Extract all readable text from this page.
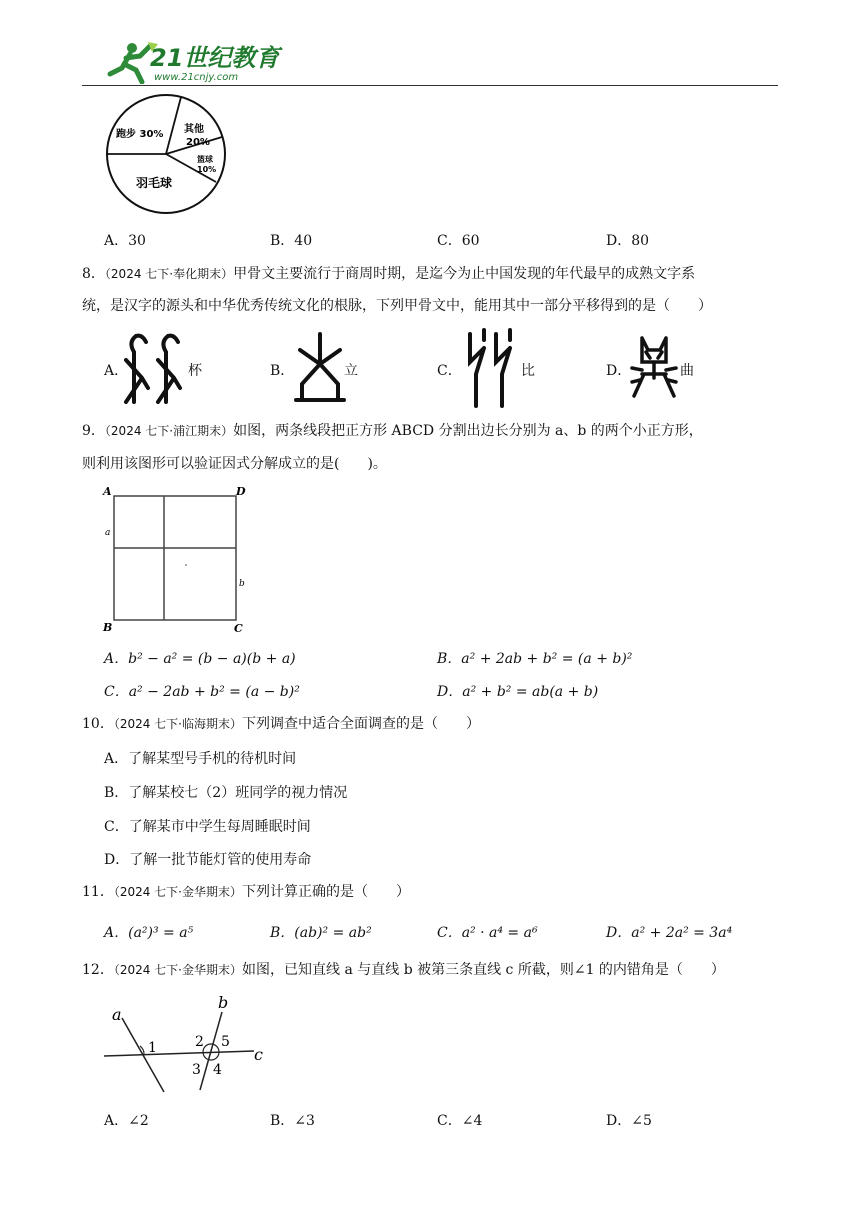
21世纪教育
www.21cnjy.com
跑步 30% 其他
20%
篮球
10%
羽毛球
A．30	B．40	C．60	D．80
8．（2024 七下·奉化期末）甲骨文主要流行于商周时期，是迄今为止中国发现的年代最早的成熟文字系
统，是汉字的源头和中华优秀传统文化的根脉，下列甲骨文中，能用其中一部分平移得到的是（　　）
A．	杯	B．	立	C．	比	D．	曲
9．（2024 七下·浦江期末）如图，两条线段把正方形 ABCD 分割出边长分别为 a、b 的两个小正方形，
则利用该图形可以验证因式分解成立的是(　　)。
A	D
B	C
a
b
A．b² − a² = (b − a)(b + a)	B．a² + 2ab + b² = (a + b)²
C．a² − 2ab + b² = (a − b)²	D．a² + b² = ab(a + b)
10．（2024 七下·临海期末）下列调查中适合全面调查的是（　　）
A．了解某型号手机的待机时间
B．了解某校七（2）班同学的视力情况
C．了解某市中学生每周睡眠时间
D．了解一批节能灯管的使用寿命
11．（2024 七下·金华期末）下列计算正确的是（　　）
A．(a²)³ = a⁵	B．(ab)² = ab²	C．a² · a⁴ = a⁶	D．a² + 2a² = 3a⁴
12．（2024 七下·金华期末）如图，已知直线 a 与直线 b 被第三条直线 c 所截，则∠1 的内错角是（　　）
a
b
c
1	2 5
3 4
A．∠2	B．∠3	C．∠4	D．∠5
